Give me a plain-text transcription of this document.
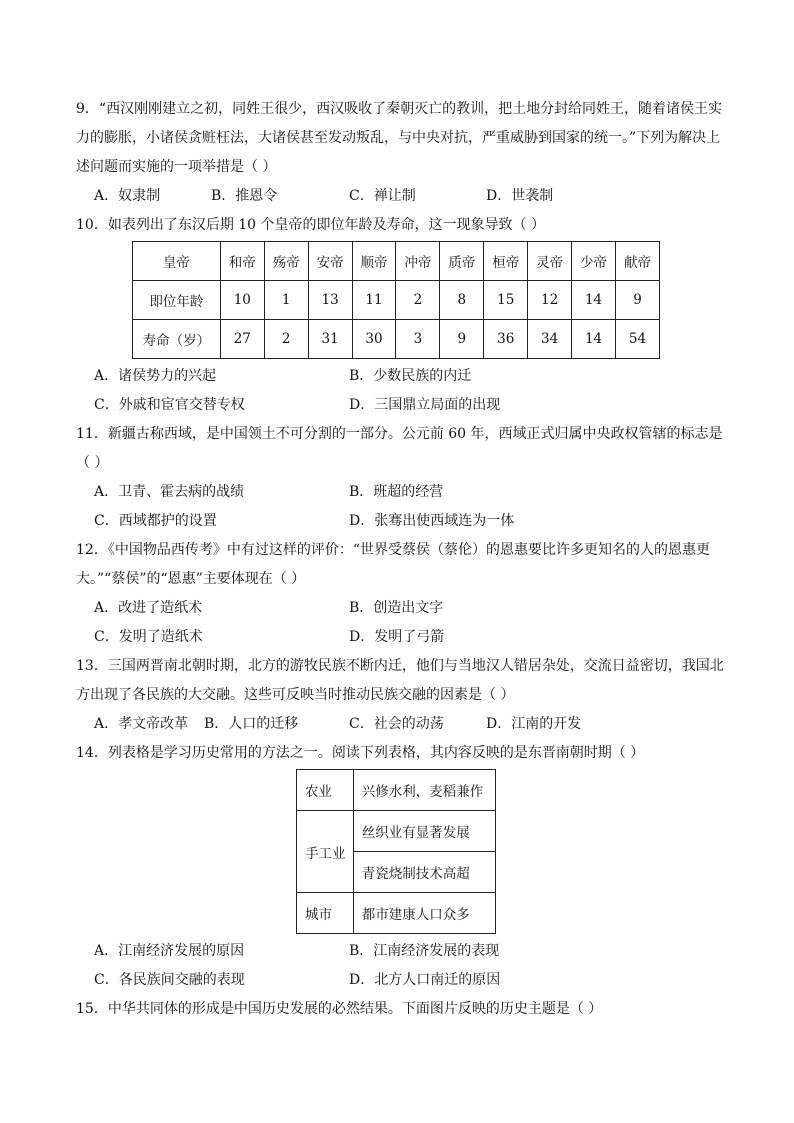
9．“西汉刚刚建立之初，同姓王很少，西汉吸收了秦朝灭亡的教训，把土地分封给同姓王，随着诸侯王实
力的膨胀，小诸侯贪赃枉法，大诸侯甚至发动叛乱，与中央对抗，严重威胁到国家的统一。”下列为解决上
述问题而实施的一项举措是（ ）
A．奴隶制	B．推恩令	C．禅让制	D．世袭制
10．如表列出了东汉后期 10 个皇帝的即位年龄及寿命，这一现象导致（ ）
皇帝	和帝	殇帝	安帝	顺帝	冲帝	质帝	桓帝	灵帝	少帝	献帝
即位年龄	10	1	13	11	2	8	15	12	14	9
寿命（岁）	27	2	31	30	3	9	36	34	14	54
A．诸侯势力的兴起	B．少数民族的内迁
C．外戚和宦官交替专权	D．三国鼎立局面的出现
11．新疆古称西域，是中国领土不可分割的一部分。公元前 60 年，西域正式归属中央政权管辖的标志是
（ ）
A．卫青、霍去病的战绩	B．班超的经营
C．西域都护的设置	D．张骞出使西域连为一体
12．《中国物品西传考》中有过这样的评价：“世界受蔡侯（蔡伦）的恩惠要比许多更知名的人的恩惠更
大。”“蔡侯”的“恩惠”主要体现在（ ）
A．改进了造纸术	B．创造出文字
C．发明了造纸术	D．发明了弓箭
13．三国两晋南北朝时期，北方的游牧民族不断内迁，他们与当地汉人错居杂处，交流日益密切，我国北
方出现了各民族的大交融。这些可反映当时推动民族交融的因素是（ ）
A．孝文帝改革 B．人口的迁移	C．社会的动荡	D．江南的开发
14．列表格是学习历史常用的方法之一。阅读下列表格，其内容反映的是东晋南朝时期（ ）
农业	兴修水利，麦稻兼作
手工业	丝织业有显著发展
	青瓷烧制技术高超
城市	都市建康人口众多
A．江南经济发展的原因	B．江南经济发展的表现
C．各民族间交融的表现	D．北方人口南迁的原因
15．中华共同体的形成是中国历史发展的必然结果。下面图片反映的历史主题是（ ）
